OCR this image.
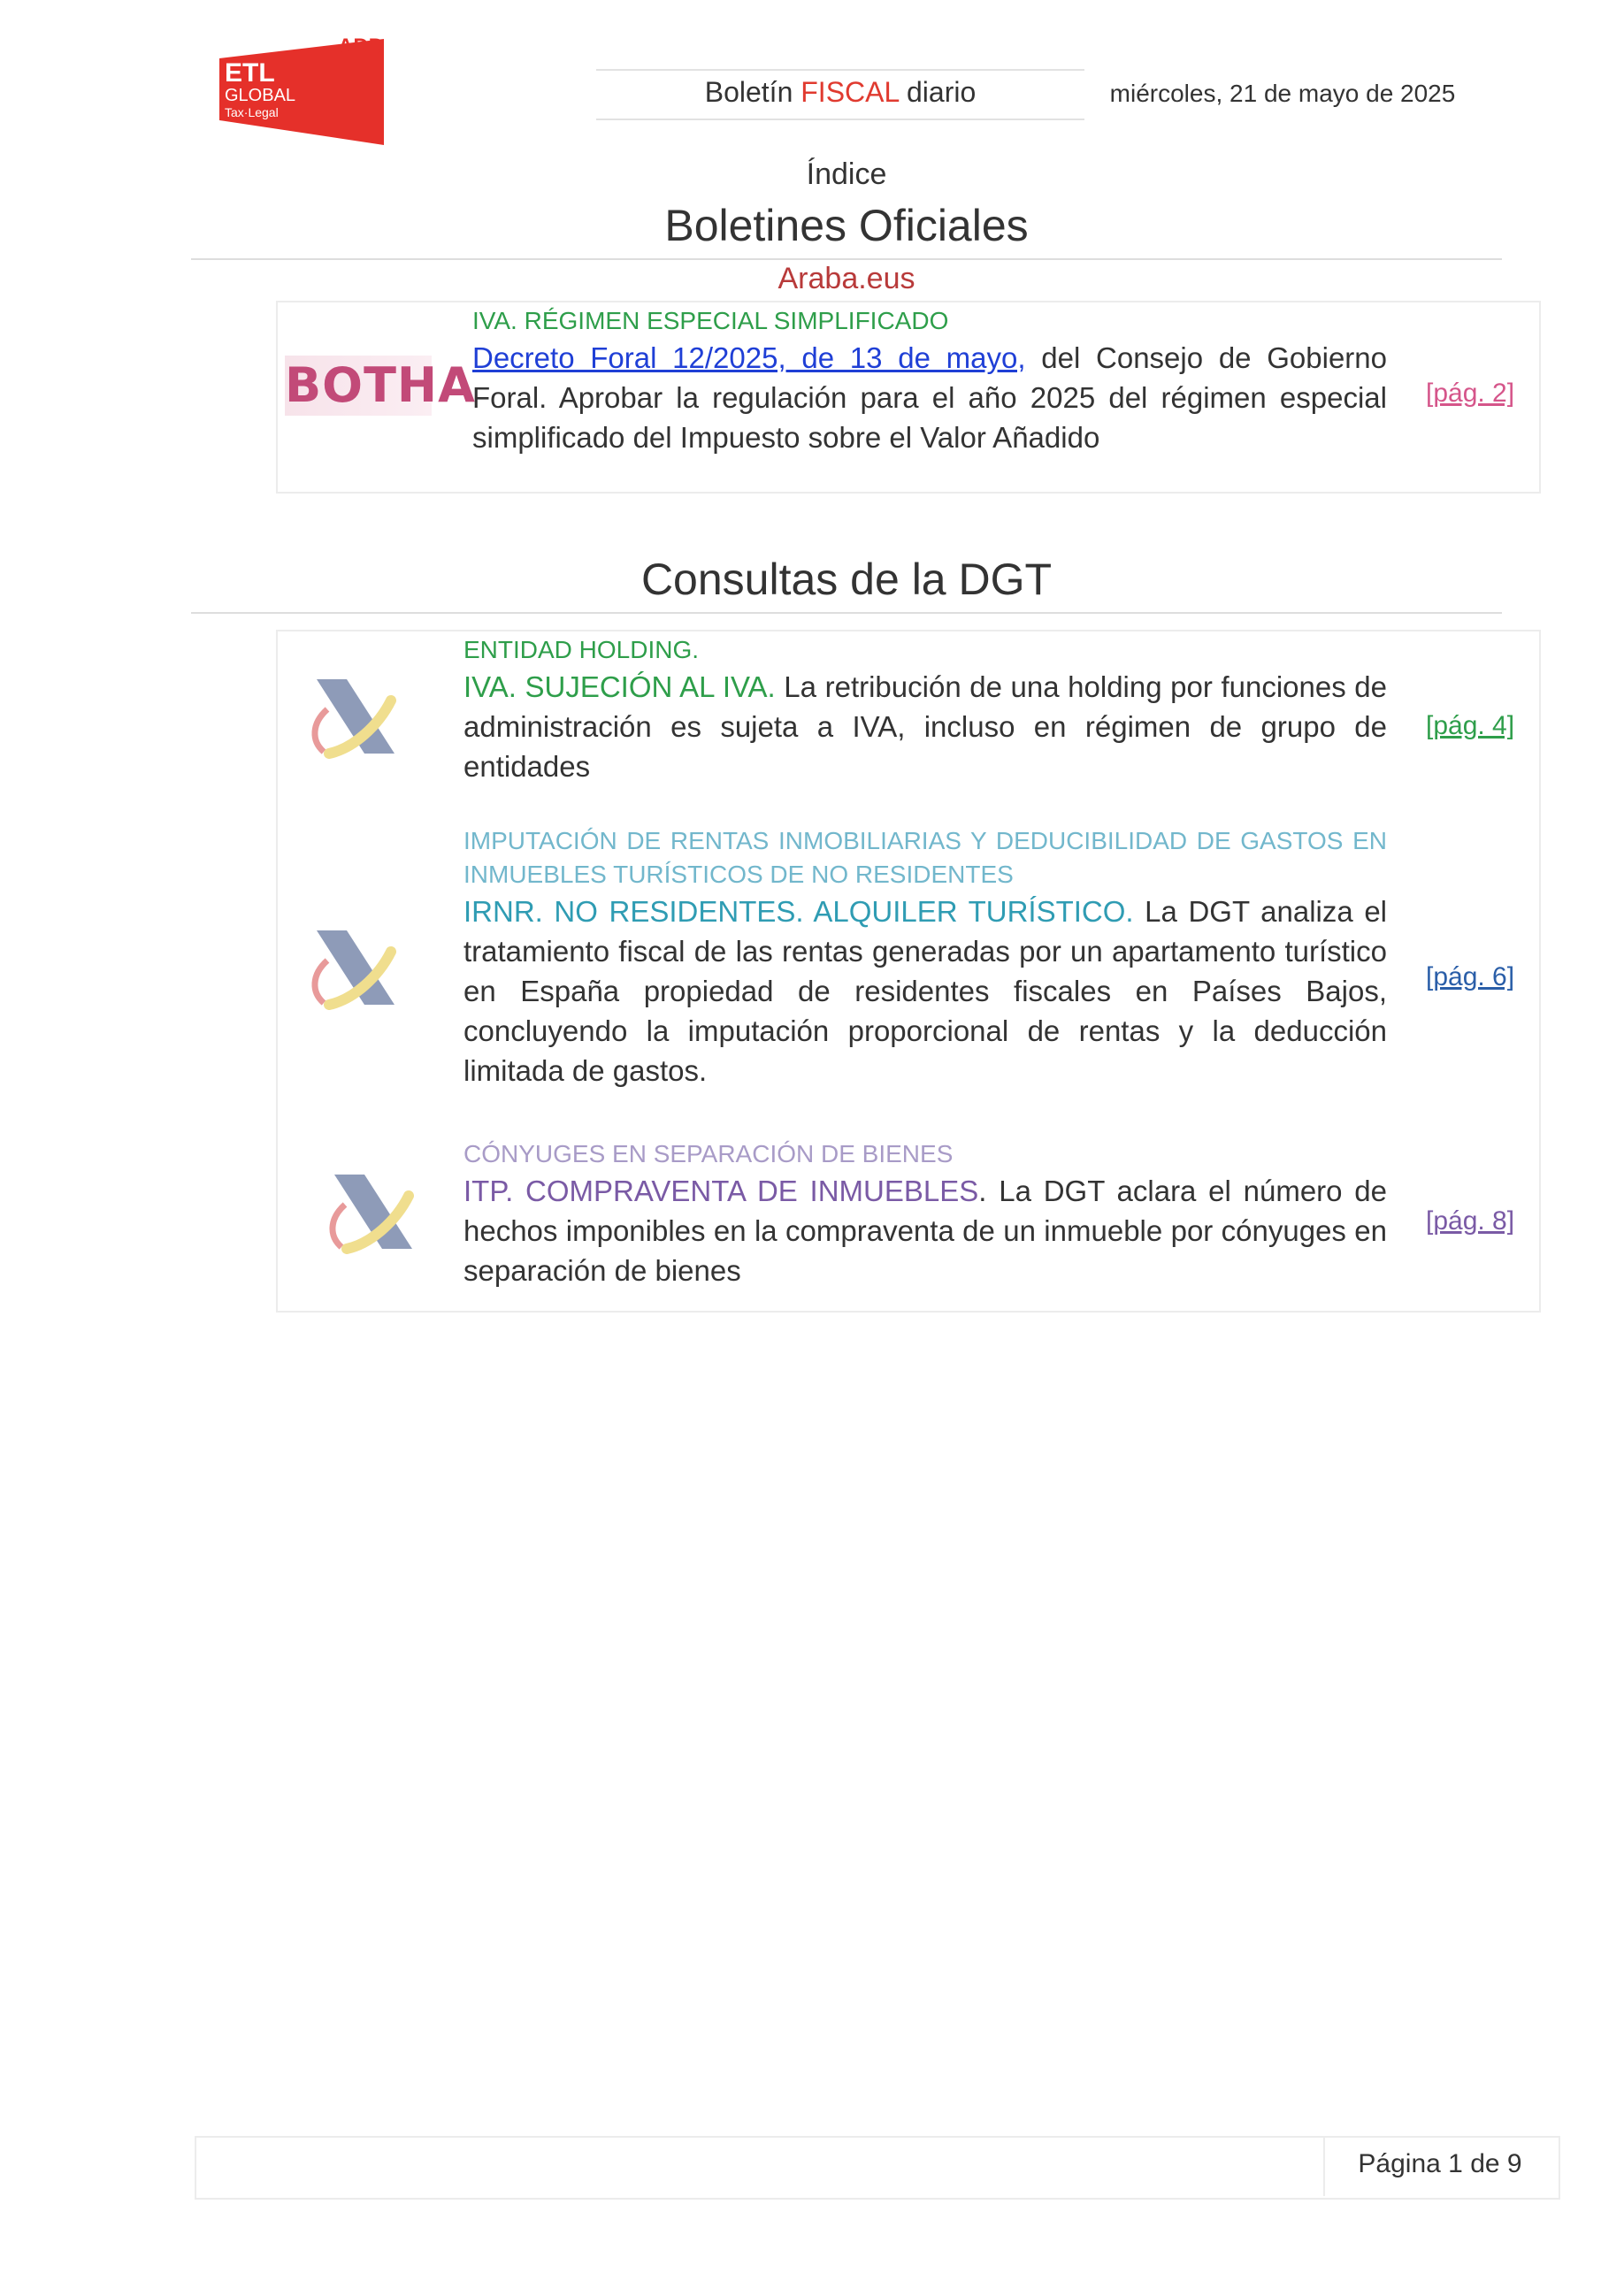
ADD
ETL
GLOBAL
Tax·Legal
Boletín FISCAL diario	miércoles, 21 de mayo de 2025
Índice
Boletines Oficiales
Araba.eus
BOTHA
IVA. RÉGIMEN ESPECIAL SIMPLIFICADO
Decreto Foral 12/2025, de 13 de mayo, del Consejo de Gobierno Foral. Aprobar la regulación para el año 2025 del régimen especial simplificado del Impuesto sobre el Valor Añadido
[pág. 2]
Consultas de la DGT
ENTIDAD HOLDING.
IVA. SUJECIÓN AL IVA. La retribución de una holding por funciones de administración es sujeta a IVA, incluso en régimen de grupo de entidades
[pág. 4]
IMPUTACIÓN DE RENTAS INMOBILIARIAS Y DEDUCIBILIDAD DE GASTOS EN INMUEBLES TURÍSTICOS DE NO RESIDENTES
IRNR. NO RESIDENTES. ALQUILER TURÍSTICO. La DGT analiza el tratamiento fiscal de las rentas generadas por un apartamento turístico en España propiedad de residentes fiscales en Países Bajos, concluyendo la imputación proporcional de rentas y la deducción limitada de gastos.
[pág. 6]
CÓNYUGES EN SEPARACIÓN DE BIENES
ITP. COMPRAVENTA DE INMUEBLES. La DGT aclara el número de hechos imponibles en la compraventa de un inmueble por cónyuges en separación de bienes
[pág. 8]
Página 1 de 9
